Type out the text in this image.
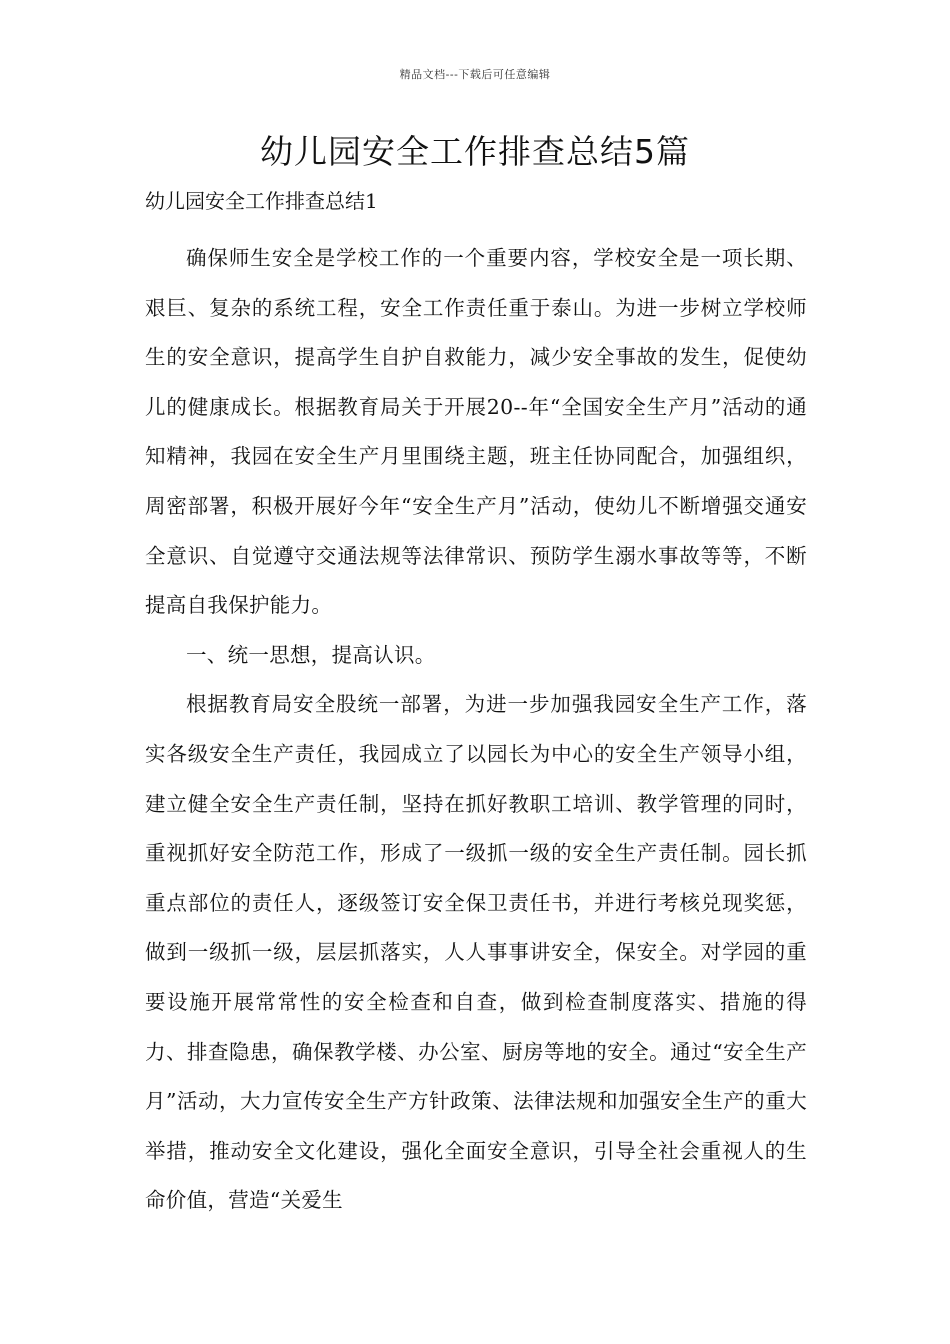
精品文档---下载后可任意编辑
幼儿园安全工作排查总结5篇

幼儿园安全工作排查总结1

确保师生安全是学校工作的一个重要内容，学校安全是一项长期、艰巨、复杂的系统工程，安全工作责任重于泰山。为进一步树立学校师生的安全意识，提高学生自护自救能力，减少安全事故的发生，促使幼儿的健康成长。根据教育局关于开展20--年“全国安全生产月”活动的通知精神，我园在安全生产月里围绕主题，班主任协同配合，加强组织，周密部署，积极开展好今年“安全生产月”活动，使幼儿不断增强交通安全意识、自觉遵守交通法规等法律常识、预防学生溺水事故等等，不断提高自我保护能力。

一、统一思想，提高认识。

根据教育局安全股统一部署，为进一步加强我园安全生产工作，落实各级安全生产责任，我园成立了以园长为中心的安全生产领导小组，建立健全安全生产责任制，坚持在抓好教职工培训、教学管理的同时，重视抓好安全防范工作，形成了一级抓一级的安全生产责任制。园长抓重点部位的责任人，逐级签订安全保卫责任书，并进行考核兑现奖惩，做到一级抓一级，层层抓落实，人人事事讲安全，保安全。对学园的重要设施开展常常性的安全检查和自查，做到检查制度落实、措施的得力、排查隐患，确保教学楼、办公室、厨房等地的安全。通过“安全生产月”活动，大力宣传安全生产方针政策、法律法规和加强安全生产的重大举措，推动安全文化建设，强化全面安全意识，引导全社会重视人的生命价值，营造“关爱生
